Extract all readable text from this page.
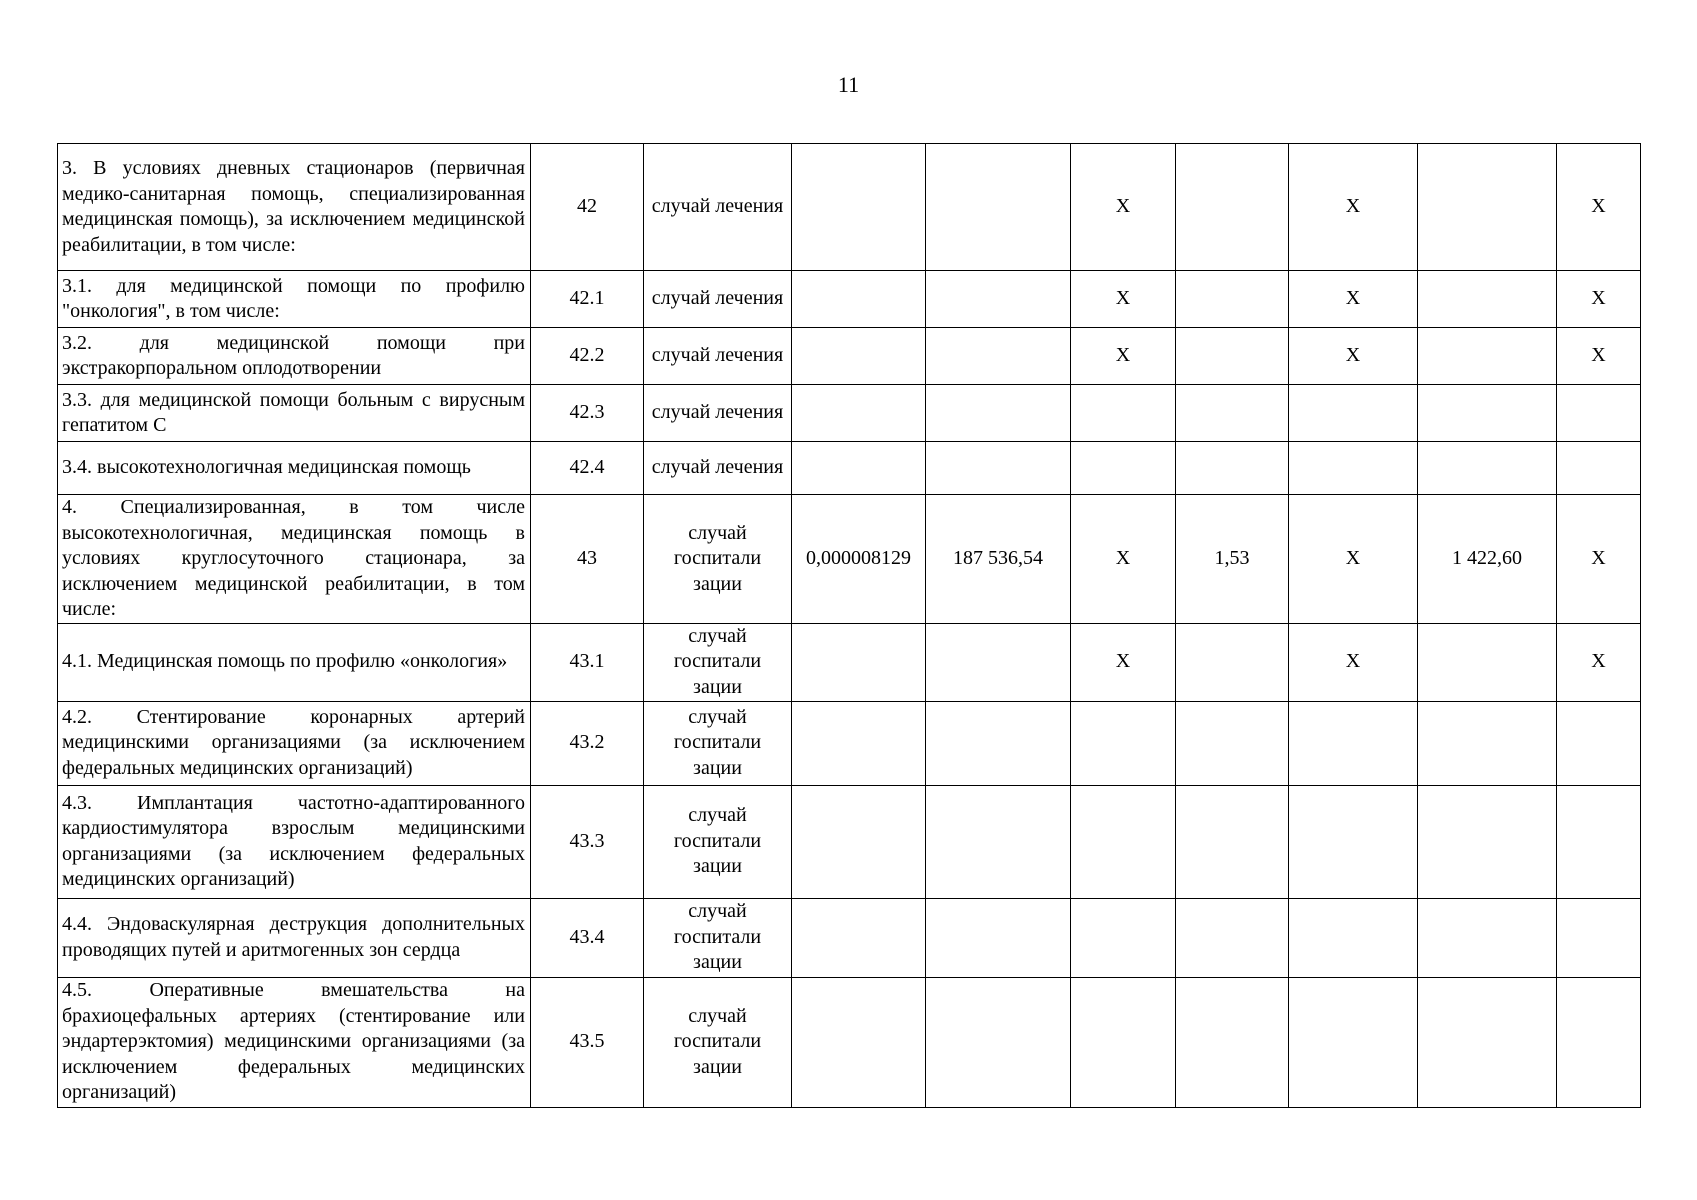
11
3. В условиях дневных стационаров (первичная медико-санитарная помощь, специализированная медицинская помощь), за исключением медицинской реабилитации, в том числе:	42	случай лечения			Х		Х		Х
3.1. для медицинской помощи по профилю "онкология", в том числе:	42.1	случай лечения			Х		Х		Х
3.2. для медицинской помощи при экстракорпоральном оплодотворении	42.2	случай лечения			Х		Х		Х
3.3. для медицинской помощи больным с вирусным гепатитом С	42.3	случай лечения							
3.4. высокотехнологичная медицинская помощь	42.4	случай лечения							
4. Специализированная, в том числе высокотехнологичная, медицинская помощь в условиях круглосуточного стационара, за исключением медицинской реабилитации, в том числе:	43	случай госпитали зации	0,000008129	187 536,54	Х	1,53	Х	1 422,60	Х
4.1. Медицинская помощь по профилю «онкология»	43.1	случай госпитали зации			Х		Х		Х
4.2. Стентирование коронарных артерий медицинскими организациями (за исключением федеральных медицинских организаций)	43.2	случай госпитали зации							
4.3. Имплантация частотно-адаптированного кардиостимулятора взрослым медицинскими организациями (за исключением федеральных медицинских организаций)	43.3	случай госпитали зации							
4.4. Эндоваскулярная деструкция дополнительных проводящих путей и аритмогенных зон сердца	43.4	случай госпитали зации							
4.5. Оперативные вмешательства на брахиоцефальных артериях (стентирование или эндартерэктомия) медицинскими организациями (за исключением федеральных медицинских организаций)	43.5	случай госпитали зации							
